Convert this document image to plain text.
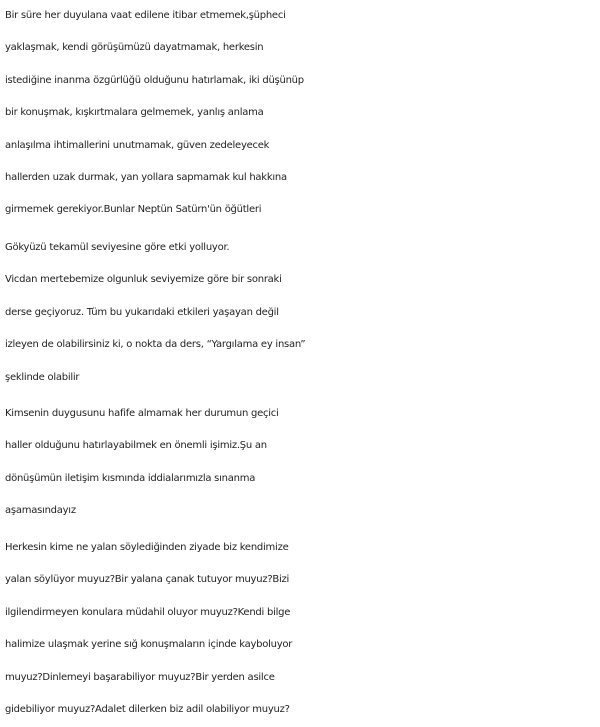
Bir süre her duyulana vaat edilene itibar etmemek,şüpheci
yaklaşmak, kendi görüşümüzü dayatmamak, herkesin
istediğine inanma özgürlüğü olduğunu hatırlamak, iki düşünüp
bir konuşmak, kışkırtmalara gelmemek, yanlış anlama
anlaşılma ihtimallerini unutmamak, güven zedeleyecek
hallerden uzak durmak, yan yollara sapmamak kul hakkına
girmemek gerekiyor.Bunlar Neptün Satürn'ün öğütleri
Gökyüzü tekamül seviyesine göre etki yolluyor.
Vicdan mertebemize olgunluk seviyemize göre bir sonraki
derse geçiyoruz. Tüm bu yukarıdaki etkileri yaşayan değil
izleyen de olabilirsiniz ki, o nokta da ders, “Yargılama ey insan”
şeklinde olabilir
Kimsenin duygusunu hafife almamak her durumun geçici
haller olduğunu hatırlayabilmek en önemli işimiz.Şu an
dönüşümün iletişim kısmında iddialarımızla sınanma
aşamasındayız
Herkesin kime ne yalan söylediğinden ziyade biz kendimize
yalan söylüyor muyuz?Bir yalana çanak tutuyor muyuz?Bizi
ilgilendirmeyen konulara müdahil oluyor muyuz?Kendi bilge
halimize ulaşmak yerine sığ konuşmaların içinde kayboluyor
muyuz?Dinlemeyi başarabiliyor muyuz?Bir yerden asilce
gidebiliyor muyuz?Adalet dilerken biz adil olabiliyor muyuz?
